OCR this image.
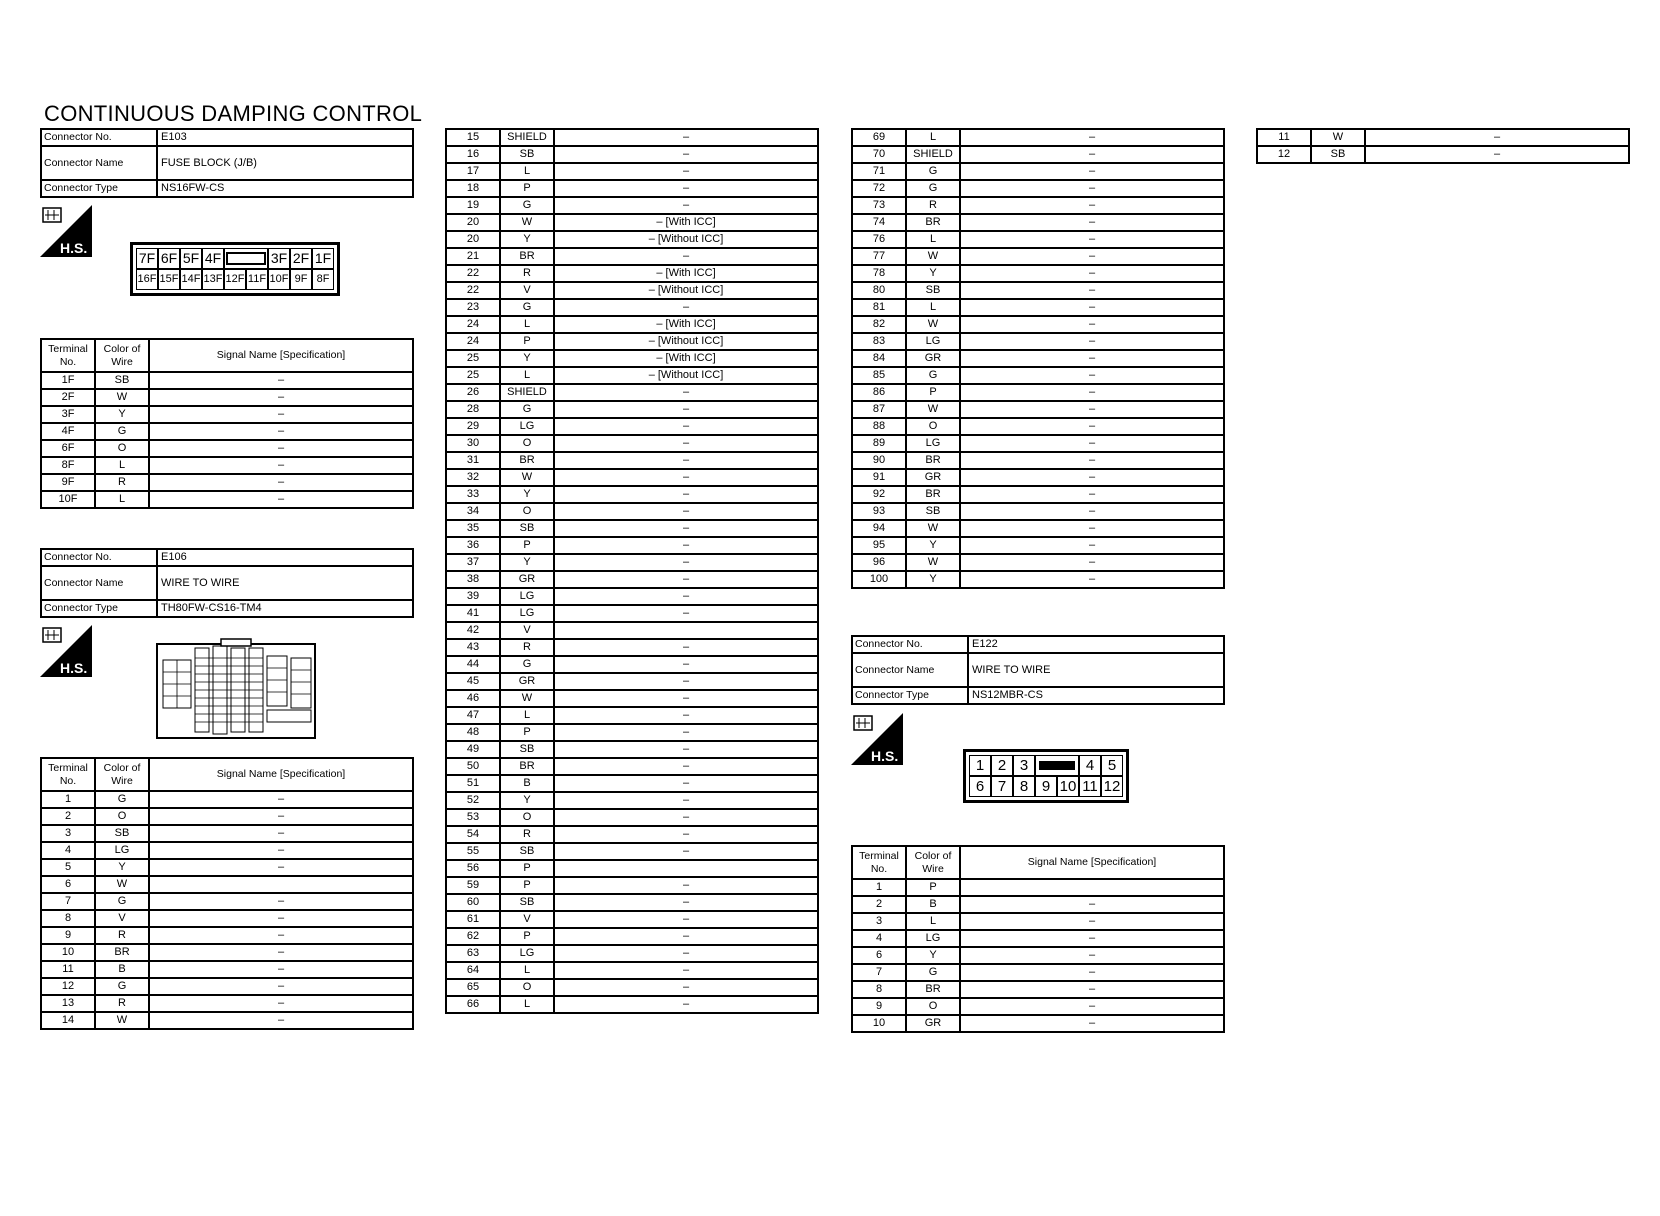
CONTINUOUS DAMPING CONTROL
Connector No.	E103
Connector Name	FUSE BLOCK (J/B)
Connector Type	NS16FW-CS
H.S.
7F 6F 5F 4F	3F 2F 1F
16F 15F 14F 13F 12F 11F 10F 9F 8F
Terminal No.	Color of Wire	Signal Name [Specification]
1F	SB	–
2F	W	–
3F	Y	–
4F	G	–
6F	O	–
8F	L	–
9F	R	–
10F	L	–
Connector No.	E106
Connector Name	WIRE TO WIRE
Connector Type	TH80FW-CS16-TM4
H.S.
Terminal No.	Color of Wire	Signal Name [Specification]
1	G	–
2	O	–
3	SB	–
4	LG	–
5	Y	–
6	W	
7	G	–
8	V	–
9	R	–
10	BR	–
11	B	–
12	G	–
13	R	–
14	W	–
15	SHIELD	–
16	SB	–
17	L	–
18	P	–
19	G	–
20	W	– [With ICC]
20	Y	– [Without ICC]
21	BR	–
22	R	– [With ICC]
22	V	– [Without ICC]
23	G	–
24	L	– [With ICC]
24	P	– [Without ICC]
25	Y	– [With ICC]
25	L	– [Without ICC]
26	SHIELD	–
28	G	–
29	LG	–
30	O	–
31	BR	–
32	W	–
33	Y	–
34	O	–
35	SB	–
36	P	–
37	Y	–
38	GR	–
39	LG	–
41	LG	–
42	V	
43	R	–
44	G	–
45	GR	–
46	W	–
47	L	–
48	P	–
49	SB	–
50	BR	–
51	B	–
52	Y	–
53	O	–
54	R	–
55	SB	–
56	P	
59	P	–
60	SB	–
61	V	–
62	P	–
63	LG	–
64	L	–
65	O	–
66	L	–
69	L	–
70	SHIELD	–
71	G	–
72	G	–
73	R	–
74	BR	–
76	L	–
77	W	–
78	Y	–
80	SB	–
81	L	–
82	W	–
83	LG	–
84	GR	–
85	G	–
86	P	–
87	W	–
88	O	–
89	LG	–
90	BR	–
91	GR	–
92	BR	–
93	SB	–
94	W	–
95	Y	–
96	W	–
100	Y	–
Connector No.	E122
Connector Name	WIRE TO WIRE
Connector Type	NS12MBR-CS
H.S.
1 2 3	4 5
6 7 8 9 10 11 12
Terminal No.	Color of Wire	Signal Name [Specification]
1	P	
2	B	–
3	L	–
4	LG	–
6	Y	–
7	G	–
8	BR	–
9	O	–
10	GR	–
11	W	–
12	SB	–
